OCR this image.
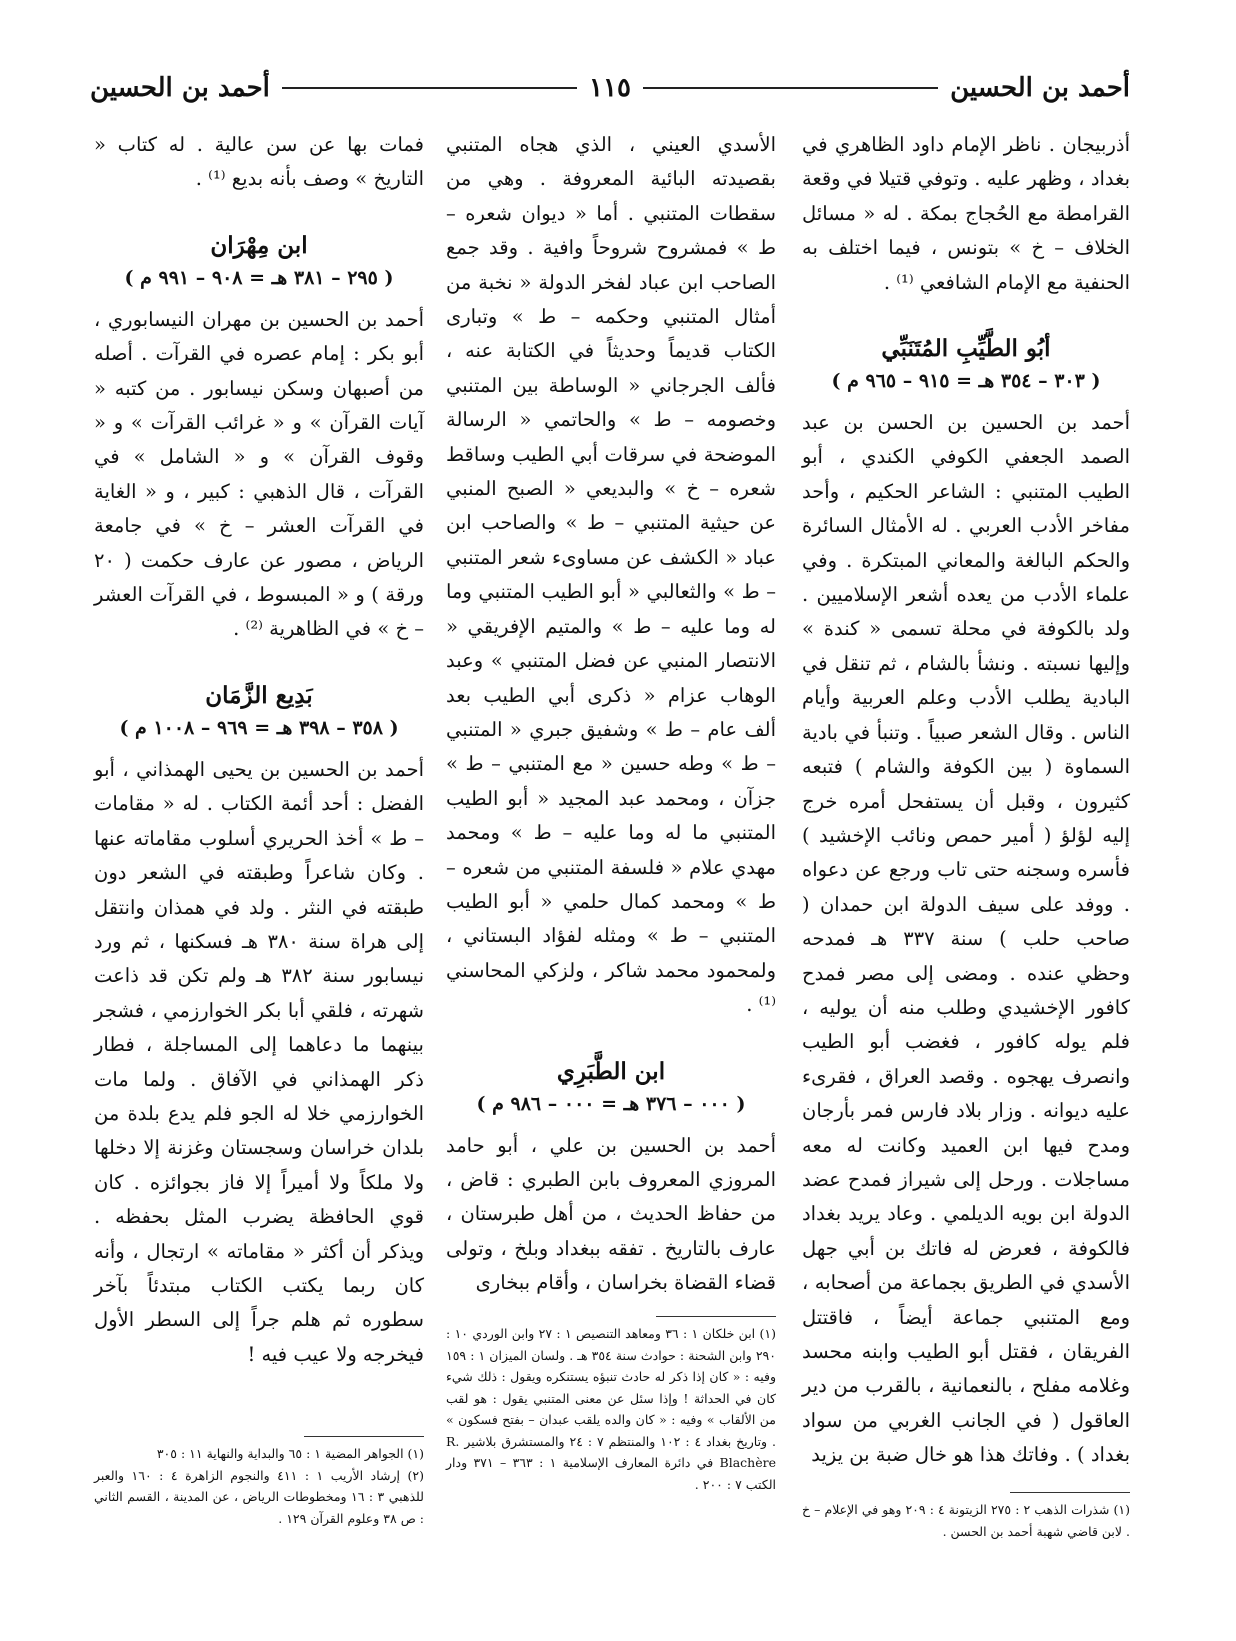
أحمد بن الحسين
١١٥
أحمد بن الحسين

أذربيجان . ناظر الإمام داود الظاهري في بغداد ، وظهر عليه . وتوفي قتيلا في وقعة القرامطة مع الحُجاج بمكة . له « مسائل الخلاف – خ » بتونس ، فيما اختلف به الحنفية مع الإمام الشافعي ⁽¹⁾ .

أبُو الطَّيِّبِ المُتَنَبِّي
( ٣٠٣ – ٣٥٤ هـ = ٩١٥ – ٩٦٥ م )

أحمد بن الحسين بن الحسن بن عبد الصمد الجعفي الكوفي الكندي ، أبو الطيب المتنبي : الشاعر الحكيم ، وأحد مفاخر الأدب العربي . له الأمثال السائرة والحكم البالغة والمعاني المبتكرة . وفي علماء الأدب من يعده أشعر الإسلاميين . ولد بالكوفة في محلة تسمى « كندة » وإليها نسبته . ونشأ بالشام ، ثم تنقل في البادية يطلب الأدب وعلم العربية وأيام الناس . وقال الشعر صبياً . وتنبأ في بادية السماوة ( بين الكوفة والشام ) فتبعه كثيرون ، وقبل أن يستفحل أمره خرج إليه لؤلؤ ( أمير حمص ونائب الإخشيد ) فأسره وسجنه حتى تاب ورجع عن دعواه . ووفد على سيف الدولة ابن حمدان ( صاحب حلب ) سنة ٣٣٧ هـ فمدحه وحظي عنده . ومضى إلى مصر فمدح كافور الإخشيدي وطلب منه أن يوليه ، فلم يوله كافور ، فغضب أبو الطيب وانصرف يهجوه . وقصد العراق ، فقرىء عليه ديوانه . وزار بلاد فارس فمر بأرجان ومدح فيها ابن العميد وكانت له معه مساجلات . ورحل إلى شيراز فمدح عضد الدولة ابن بويه الديلمي . وعاد يريد بغداد فالكوفة ، فعرض له فاتك بن أبي جهل الأسدي في الطريق بجماعة من أصحابه ، ومع المتنبي جماعة أيضاً ، فاقتتل الفريقان ، فقتل أبو الطيب وابنه محسد وغلامه مفلح ، بالنعمانية ، بالقرب من دير العاقول ( في الجانب الغربي من سواد بغداد ) . وفاتك هذا هو خال ضبة بن يزيد

(١) شذرات الذهب ٢ : ٢٧٥ الزيتونة ٤ : ٢٠٩ وهو في الإعلام – خ . لابن قاضي شهبة أحمد بن الحسن .

الأسدي العيني ، الذي هجاه المتنبي بقصيدته البائية المعروفة . وهي من سقطات المتنبي . أما « ديوان شعره – ط » فمشروح شروحاً وافية . وقد جمع الصاحب ابن عباد لفخر الدولة « نخبة من أمثال المتنبي وحكمه – ط » وتبارى الكتاب قديماً وحديثاً في الكتابة عنه ، فألف الجرجاني « الوساطة بين المتنبي وخصومه – ط » والحاتمي « الرسالة الموضحة في سرقات أبي الطيب وساقط شعره – خ » والبديعي « الصبح المنبي عن حيثية المتنبي – ط » والصاحب ابن عباد « الكشف عن مساوىء شعر المتنبي – ط » والثعالبي « أبو الطيب المتنبي وما له وما عليه – ط » والمتيم الإفريقي « الانتصار المنبي عن فضل المتنبي » وعبد الوهاب عزام « ذكرى أبي الطيب بعد ألف عام – ط » وشفيق جبري « المتنبي – ط » وطه حسين « مع المتنبي – ط » جزآن ، ومحمد عبد المجيد « أبو الطيب المتنبي ما له وما عليه – ط » ومحمد مهدي علام « فلسفة المتنبي من شعره – ط » ومحمد كمال حلمي « أبو الطيب المتنبي – ط » ومثله لفؤاد البستاني ، ولمحمود محمد شاكر ، ولزكي المحاسني ⁽¹⁾ .

ابن الطَّبَرِي
( ٠٠٠ – ٣٧٦ هـ = ٠٠٠ – ٩٨٦ م )

أحمد بن الحسين بن علي ، أبو حامد المروزي المعروف بابن الطبري : قاض ، من حفاظ الحديث ، من أهل طبرستان ، عارف بالتاريخ . تفقه ببغداد وبلخ ، وتولى قضاء القضاة بخراسان ، وأقام ببخارى

(١) ابن خلكان ١ : ٣٦ ومعاهد التنصيص ١ : ٢٧ وابن الوردي ١٠ : ٢٩٠ وابن الشحنة : حوادث سنة ٣٥٤ هـ . ولسان الميزان ١ : ١٥٩ وفيه : « كان إذا ذكر له حادث تنبؤه يستنكره ويقول : ذلك شيء كان في الحداثة ! وإذا سئل عن معنى المتنبي يقول : هو لقب من الألقاب » وفيه : « كان والده يلقب عبدان – بفتح فسكون » . وتاريخ بغداد ٤ : ١٠٢ والمنتظم ٧ : ٢٤ والمستشرق بلاشير R. Blachère في دائرة المعارف الإسلامية ١ : ٣٦٣ – ٣٧١ ودار الكتب ٧ : ٢٠٠ .

فمات بها عن سن عالية . له كتاب « التاريخ » وصف بأنه بديع ⁽¹⁾ .

ابن مِهْرَان
( ٢٩٥ – ٣٨١ هـ = ٩٠٨ – ٩٩١ م )

أحمد بن الحسين بن مهران النيسابوري ، أبو بكر : إمام عصره في القرآت . أصله من أصبهان وسكن نيسابور . من كتبه « آيات القرآن » و « غرائب القرآت » و « وقوف القرآن » و « الشامل » في القرآت ، قال الذهبي : كبير ، و « الغاية في القرآت العشر – خ » في جامعة الرياض ، مصور عن عارف حكمت ( ٢٠ ورقة ) و « المبسوط ، في القرآت العشر – خ » في الظاهرية ⁽²⁾ .

بَدِيع الزَّمَان
( ٣٥٨ – ٣٩٨ هـ = ٩٦٩ – ١٠٠٨ م )

أحمد بن الحسين بن يحيى الهمذاني ، أبو الفضل : أحد أئمة الكتاب . له « مقامات – ط » أخذ الحريري أسلوب مقاماته عنها . وكان شاعراً وطبقته في الشعر دون طبقته في النثر . ولد في همذان وانتقل إلى هراة سنة ٣٨٠ هـ فسكنها ، ثم ورد نيسابور سنة ٣٨٢ هـ ولم تكن قد ذاعت شهرته ، فلقي أبا بكر الخوارزمي ، فشجر بينهما ما دعاهما إلى المساجلة ، فطار ذكر الهمذاني في الآفاق . ولما مات الخوارزمي خلا له الجو فلم يدع بلدة من بلدان خراسان وسجستان وغزنة إلا دخلها ولا ملكاً ولا أميراً إلا فاز بجوائزه . كان قوي الحافظة يضرب المثل بحفظه . ويذكر أن أكثر « مقاماته » ارتجال ، وأنه كان ربما يكتب الكتاب مبتدئاً بآخر سطوره ثم هلم جراً إلى السطر الأول فيخرجه ولا عيب فيه !

(١) الجواهر المضية ١ : ٦٥ والبداية والنهاية ١١ : ٣٠٥

(٢) إرشاد الأريب ١ : ٤١١ والنجوم الزاهرة ٤ : ١٦٠ والعبر للذهبي ٣ : ١٦ ومخطوطات الرياض ، عن المدينة ، القسم الثاني : ص ٣٨ وعلوم القرآن ١٢٩ .
